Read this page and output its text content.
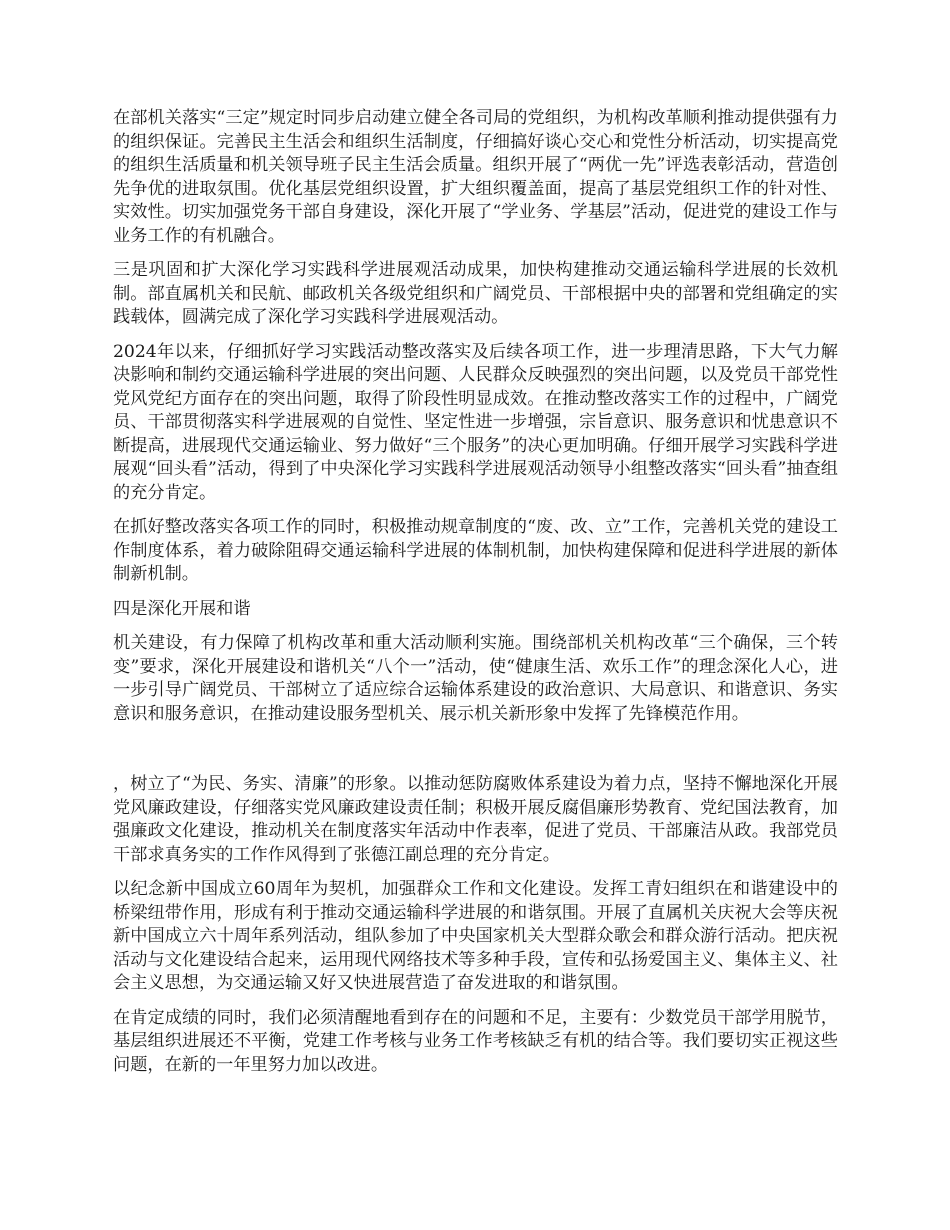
在部机关落实“三定”规定时同步启动建立健全各司局的党组织，为机构改革顺利推动提供强有力的组织保证。完善民主生活会和组织生活制度，仔细搞好谈心交心和党性分析活动，切实提高党的组织生活质量和机关领导班子民主生活会质量。组织开展了“两优一先”评选表彰活动，营造创先争优的进取氛围。优化基层党组织设置，扩大组织覆盖面，提高了基层党组织工作的针对性、实效性。切实加强党务干部自身建设，深化开展了“学业务、学基层”活动，促进党的建设工作与业务工作的有机融合。

三是巩固和扩大深化学习实践科学进展观活动成果，加快构建推动交通运输科学进展的长效机制。部直属机关和民航、邮政机关各级党组织和广阔党员、干部根据中央的部署和党组确定的实践载体，圆满完成了深化学习实践科学进展观活动。

2024年以来，仔细抓好学习实践活动整改落实及后续各项工作，进一步理清思路，下大气力解决影响和制约交通运输科学进展的突出问题、人民群众反映强烈的突出问题，以及党员干部党性党风党纪方面存在的突出问题，取得了阶段性明显成效。在推动整改落实工作的过程中，广阔党员、干部贯彻落实科学进展观的自觉性、坚定性进一步增强，宗旨意识、服务意识和忧患意识不断提高，进展现代交通运输业、努力做好“三个服务”的决心更加明确。仔细开展学习实践科学进展观“回头看”活动，得到了中央深化学习实践科学进展观活动领导小组整改落实“回头看”抽查组的充分肯定。

在抓好整改落实各项工作的同时，积极推动规章制度的“废、改、立”工作，完善机关党的建设工作制度体系，着力破除阻碍交通运输科学进展的体制机制，加快构建保障和促进科学进展的新体制新机制。

四是深化开展和谐

机关建设，有力保障了机构改革和重大活动顺利实施。围绕部机关机构改革“三个确保，三个转变”要求，深化开展建设和谐机关“八个一”活动，使“健康生活、欢乐工作”的理念深化人心，进一步引导广阔党员、干部树立了适应综合运输体系建设的政治意识、大局意识、和谐意识、务实意识和服务意识，在推动建设服务型机关、展示机关新形象中发挥了先锋模范作用。

，树立了“为民、务实、清廉”的形象。以推动惩防腐败体系建设为着力点，坚持不懈地深化开展党风廉政建设，仔细落实党风廉政建设责任制；积极开展反腐倡廉形势教育、党纪国法教育，加强廉政文化建设，推动机关在制度落实年活动中作表率，促进了党员、干部廉洁从政。我部党员干部求真务实的工作作风得到了张德江副总理的充分肯定。

以纪念新中国成立60周年为契机，加强群众工作和文化建设。发挥工青妇组织在和谐建设中的桥梁纽带作用，形成有利于推动交通运输科学进展的和谐氛围。开展了直属机关庆祝大会等庆祝新中国成立六十周年系列活动，组队参加了中央国家机关大型群众歌会和群众游行活动。把庆祝活动与文化建设结合起来，运用现代网络技术等多种手段，宣传和弘扬爱国主义、集体主义、社会主义思想，为交通运输又好又快进展营造了奋发进取的和谐氛围。

在肯定成绩的同时，我们必须清醒地看到存在的问题和不足，主要有：少数党员干部学用脱节，基层组织进展还不平衡，党建工作考核与业务工作考核缺乏有机的结合等。我们要切实正视这些问题，在新的一年里努力加以改进。
